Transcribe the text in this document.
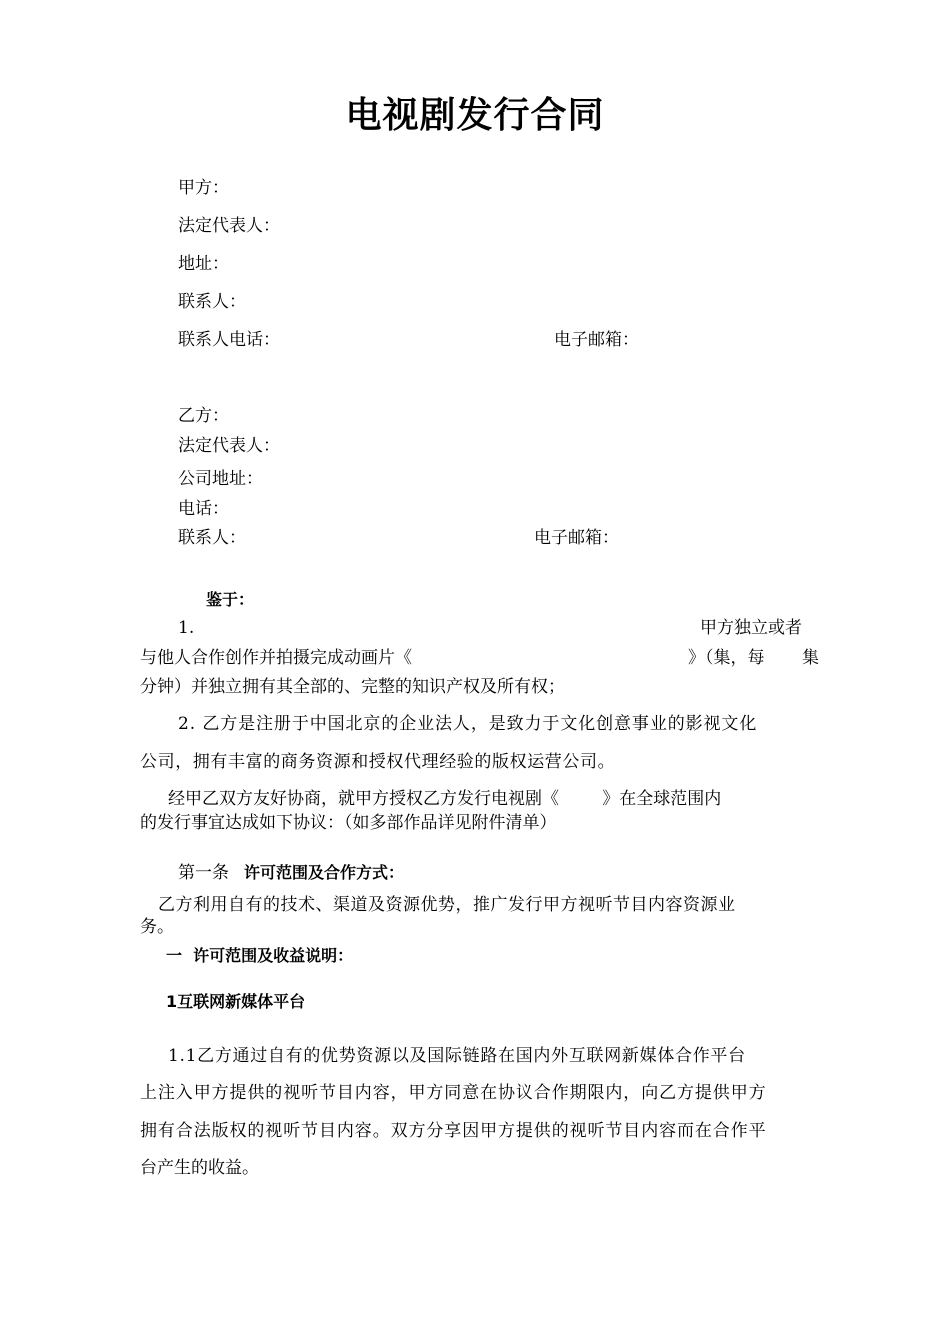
电视剧发行合同
甲方：
法定代表人：
地址：
联系人：
联系人电话：	电子邮箱：
乙方：
法定代表人：
公司地址：
电话：
联系人：	电子邮箱：
鉴于：
1.	甲方独立或者
与他人合作创作并拍摄完成动画片《	》（集，每 集
分钟）并独立拥有其全部的、完整的知识产权及所有权；
2. 乙方是注册于中国北京的企业法人，是致力于文化创意事业的影视文化
公司，拥有丰富的商务资源和授权代理经验的版权运营公司。
经甲乙双方友好协商，就甲方授权乙方发行电视剧《        》在全球范围内
的发行事宜达成如下协议：（如多部作品详见附件清单）
第一条 许可范围及合作方式：
乙方利用自有的技术、渠道及资源优势，推广发行甲方视听节目内容资源业
务。
一  许可范围及收益说明：
1互联网新媒体平台
1.1乙方通过自有的优势资源以及国际链路在国内外互联网新媒体合作平台
上注入甲方提供的视听节目内容，甲方同意在协议合作期限内，向乙方提供甲方
拥有合法版权的视听节目内容。双方分享因甲方提供的视听节目内容而在合作平
台产生的收益。
